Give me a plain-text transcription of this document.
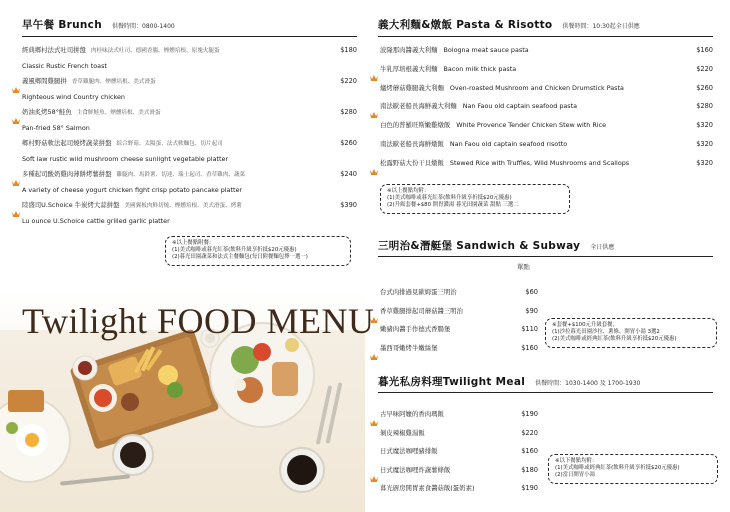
早午餐 Brunch 供餐時間：0800-1400
經典鄉村法式吐司拼盤 肉桂味法式吐司、德國香腸、煙燻培根、原塊火腿蛋	$180
Classic Rustic French toast
義風鄉間雞腿拼 香草雞腿肉、煙燻培根、美式滑蛋	$220
Righteous wind Country chicken
奶油炙烤58°鮭魚 主食鮮鮭魚、煙燻培根、美式滑蛋	$280
Pan-fried 58° Salmon
鄉村野菇軟法起司燒烤蔬菜拼盤 綜合野菇、太陽蛋、法式軟麵包、切片起司	$260
Soft law rustic wild mushroom cheese sunlight vegetable platter
多種起司酸奶雞肉薄餅烤薯拼盤 雞腿肉、馬鈴薯、切達、瑞士起司、香草雞肉、蔬菜	$240
A variety of cheese yogurt chicken fight crisp potato pancake platter
陸盛司U.Schoice 牛炭烤大蒜拼盤 美國翼板肉鮮切燒、煙燻培根、美式滑蛋、烤薯	$390
Lu ounce U.Schoice cattle grilled garlic platter
※以上餐點附餐：
(1)美式咖啡或暮光紅茶(飲料升級享折抵$20元優惠)
(2)暮光田園蔬菜和法式主餐麵包(每日附餐麵包擇一選一)
Twilight FOOD MENU
義大利麵&燉飯 Pasta & Risotto 供餐時間：10:30起全日供應
波隆那肉醬義大利麵 Bologna meat sauce pasta	$160
牛乳厚培根義大利麵 Bacon milk thick pasta	$220
爐烤蘑菇雞腿義大利麵 Oven-roasted Mushroom and Chicken Drumstick Pasta	$260
南法歐老船長海鮮義大利麵 Nan Faou old captain seafood pasta	$280
白色的普羅旺斯嫩雞燉飯 White Provence Tender Chicken Stew with Rice	$320
南法歐老船長海鮮燉飯 Nan Faou old captain seafood risotto	$320
松露野菇大份干貝燉飯 Stewed Rice with Truffles, Wild Mushrooms and Scallops	$320
※以上餐點均附：
(1)美式咖啡或暮光紅茶(飲料升級享折抵$20元優惠)
(2)升級套餐+$80 開胃濃湯 暮光田園蔬菜 甜點 三選二
三明治&潛艇堡 Sandwich & Subway 全日供應
單點
台式肉排過見歐姆蛋三明治	$60
香草雞腿排起司蘑菇醬三明治	$90
嫩豬肉醬手作德式香腸堡	$110
墨西哥嫩烤牛嫩絲堡	$160
※套餐+$100元升級套餐，
(1)沙拉暮光田園沙拉、薯條、開胃小湯 3選2
(2)美式咖啡或經典紅茶(飲料升級享折抵$20元優惠)
暮光私房料理Twilight Meal 供餐時間：1030-1400 及 1700-1930
古早味阿嬤的香肉瑪飯	$190
剝皮辣椒雞湯飯	$220
日式魔法咖哩豬排飯	$160
日式魔法咖哩炸蔬薯條飯	$180
暮光廚房開胃素食醬菇飯(蛋奶素)	$190
※以下餐點均附：
(1)美式咖啡或經典紅茶(飲料升級享折抵$20元優惠)
(2)當日開胃小湯
